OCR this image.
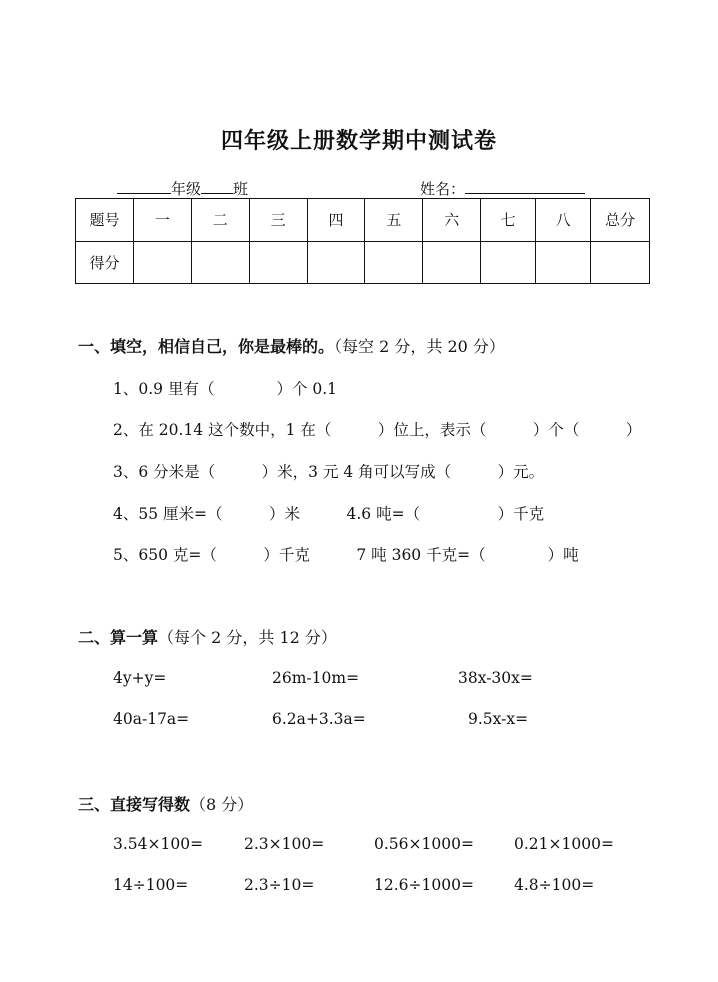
四年级上册数学期中测试卷
年级 班	姓名：
题号	一	二	三	四	五	六	七	八	总分
得分									
一、填空，相信自己，你是最棒的。（每空 2 分，共 20 分）
1、0.9 里有（　　　　）个 0.1
2、在 20.14 这个数中，1 在（　　　）位上，表示（　　　）个（　　　）
3、6 分米是（　　　）米，3 元 4 角可以写成（　　　）元。
4、55 厘米=（　　　）米　　　4.6 吨=（　　　　　）千克
5、650 克=（　　　）千克　　　7 吨 360 千克=（　　　　）吨
二、算一算（每个 2 分，共 12 分）
4y+y=	26m-10m=	38x-30x=
40a-17a=	6.2a+3.3a=	9.5x-x=
三、直接写得数（8 分）
3.54×100=	2.3×100=	0.56×1000=	0.21×1000=
14÷100=	2.3÷10=	12.6÷1000=	4.8÷100=
